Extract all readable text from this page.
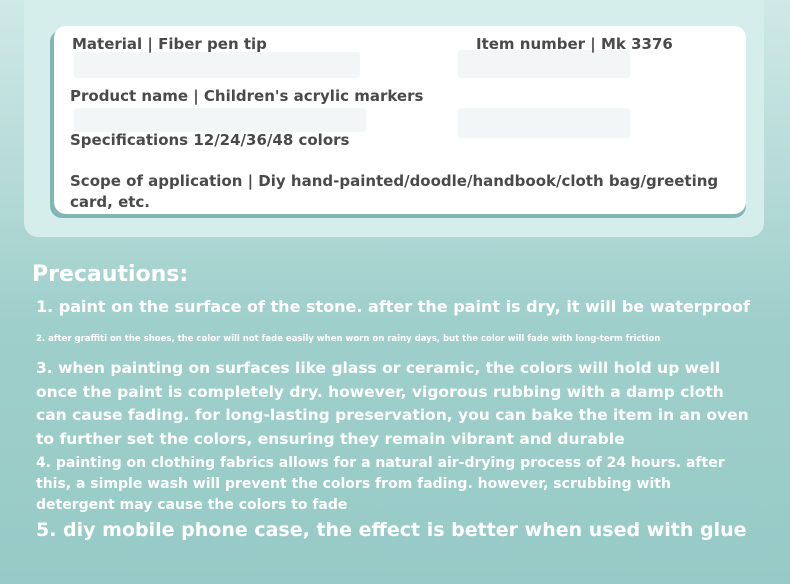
Material | Fiber pen tip	Item number | Mk 3376
Product name | Children's acrylic markers
Specifications 12/24/36/48 colors
Scope of application | Diy hand-painted/doodle/handbook/cloth bag/greeting card, etc.
Precautions:
1. paint on the surface of the stone. after the paint is dry, it will be waterproof
2. after graffiti on the shoes, the color will not fade easily when worn on rainy days, but the color will fade with long-term friction
3. when painting on surfaces like glass or ceramic, the colors will hold up well once the paint is completely dry. however, vigorous rubbing with a damp cloth can cause fading. for long-lasting preservation, you can bake the item in an oven to further set the colors, ensuring they remain vibrant and durable
4. painting on clothing fabrics allows for a natural air-drying process of 24 hours. after this, a simple wash will prevent the colors from fading. however, scrubbing with detergent may cause the colors to fade
5. diy mobile phone case, the effect is better when used with glue
